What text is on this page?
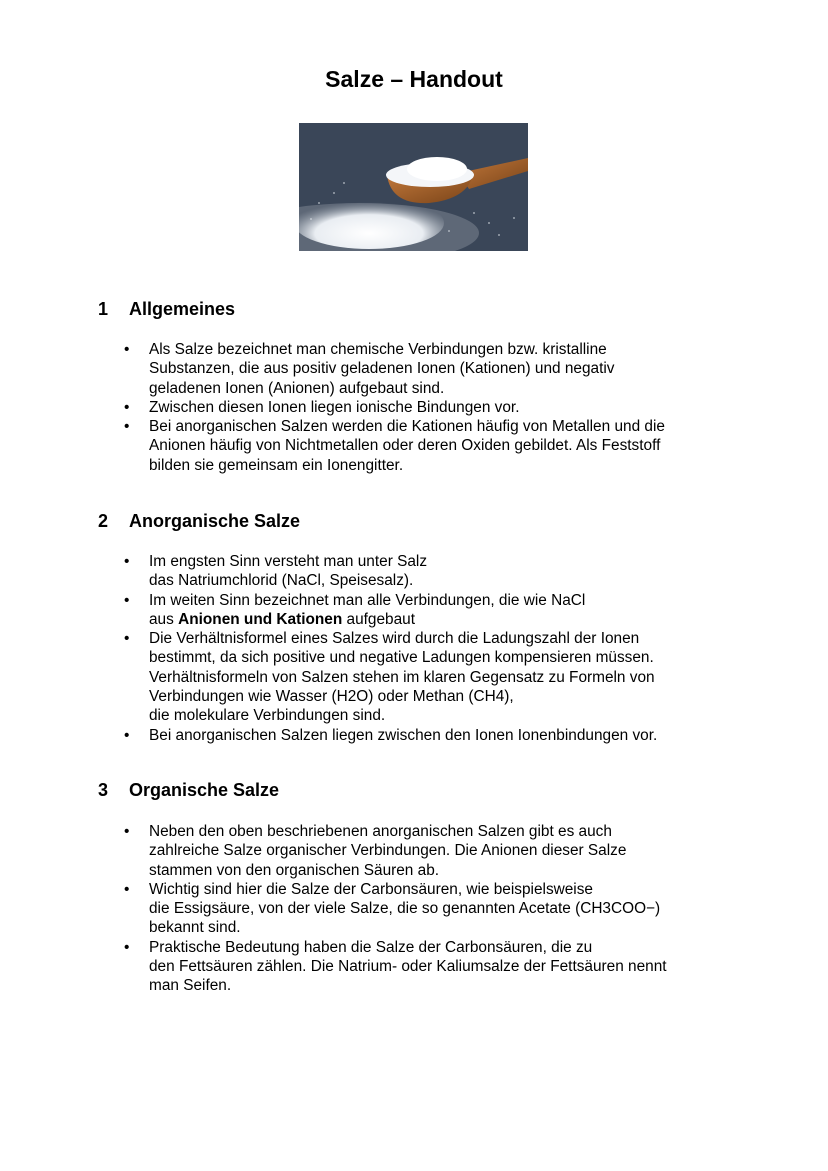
Salze – Handout
1 Allgemeines
• Als Salze bezeichnet man chemische Verbindungen bzw. kristalline
Substanzen, die aus positiv geladenen Ionen (Kationen) und negativ
geladenen Ionen (Anionen) aufgebaut sind.
• Zwischen diesen Ionen liegen ionische Bindungen vor.
• Bei anorganischen Salzen werden die Kationen häufig von Metallen und die
Anionen häufig von Nichtmetallen oder deren Oxiden gebildet. Als Feststoff
bilden sie gemeinsam ein Ionengitter.
2 Anorganische Salze
• Im engsten Sinn versteht man unter Salz
das Natriumchlorid (NaCl, Speisesalz).
• Im weiten Sinn bezeichnet man alle Verbindungen, die wie NaCl
aus Anionen und Kationen aufgebaut
• Die Verhältnisformel eines Salzes wird durch die Ladungszahl der Ionen
bestimmt, da sich positive und negative Ladungen kompensieren müssen.
Verhältnisformeln von Salzen stehen im klaren Gegensatz zu Formeln von
Verbindungen wie Wasser (H2O) oder Methan (CH4),
die molekulare Verbindungen sind.
• Bei anorganischen Salzen liegen zwischen den Ionen Ionenbindungen vor.
3 Organische Salze
• Neben den oben beschriebenen anorganischen Salzen gibt es auch
zahlreiche Salze organischer Verbindungen. Die Anionen dieser Salze
stammen von den organischen Säuren ab.
• Wichtig sind hier die Salze der Carbonsäuren, wie beispielsweise
die Essigsäure, von der viele Salze, die so genannten Acetate (CH3COO−)
bekannt sind.
• Praktische Bedeutung haben die Salze der Carbonsäuren, die zu
den Fettsäuren zählen. Die Natrium- oder Kaliumsalze der Fettsäuren nennt
man Seifen.
